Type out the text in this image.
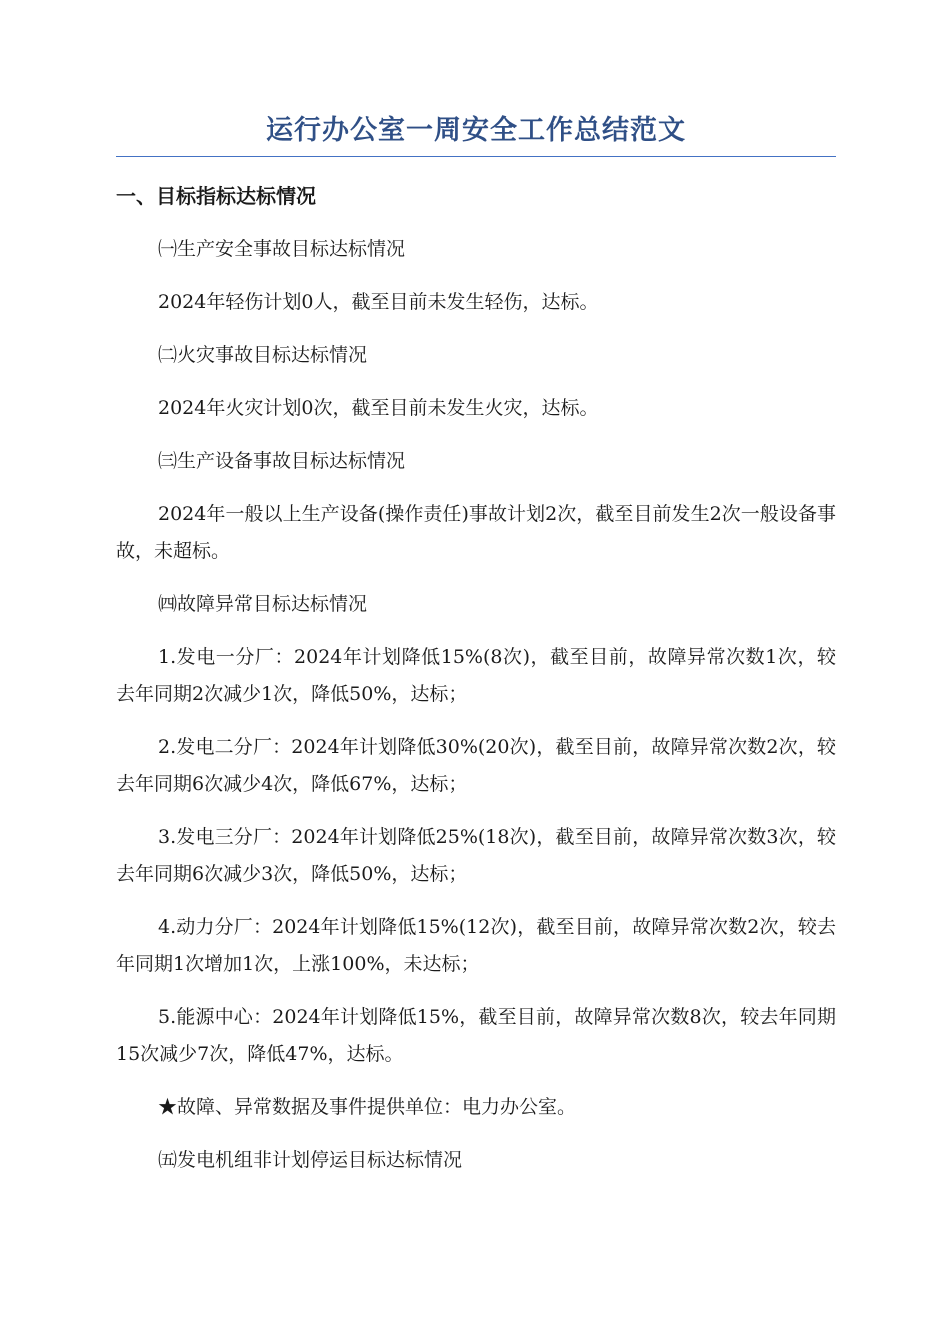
运行办公室一周安全工作总结范文
一、目标指标达标情况

㈠生产安全事故目标达标情况

2024年轻伤计划0人，截至目前未发生轻伤，达标。

㈡火灾事故目标达标情况

2024年火灾计划0次，截至目前未发生火灾，达标。

㈢生产设备事故目标达标情况

2024年一般以上生产设备(操作责任)事故计划2次，截至目前发生2次一般设备事故，未超标。

㈣故障异常目标达标情况

1.发电一分厂：2024年计划降低15%(8次)，截至目前，故障异常次数1次，较去年同期2次减少1次，降低50%，达标；

2.发电二分厂：2024年计划降低30%(20次)，截至目前，故障异常次数2次，较去年同期6次减少4次，降低67%，达标；

3.发电三分厂：2024年计划降低25%(18次)，截至目前，故障异常次数3次，较去年同期6次减少3次，降低50%，达标；

4.动力分厂：2024年计划降低15%(12次)，截至目前，故障异常次数2次，较去年同期1次增加1次，上涨100%，未达标；

5.能源中心：2024年计划降低15%，截至目前，故障异常次数8次，较去年同期15次减少7次，降低47%，达标。

★故障、异常数据及事件提供单位：电力办公室。

㈤发电机组非计划停运目标达标情况
